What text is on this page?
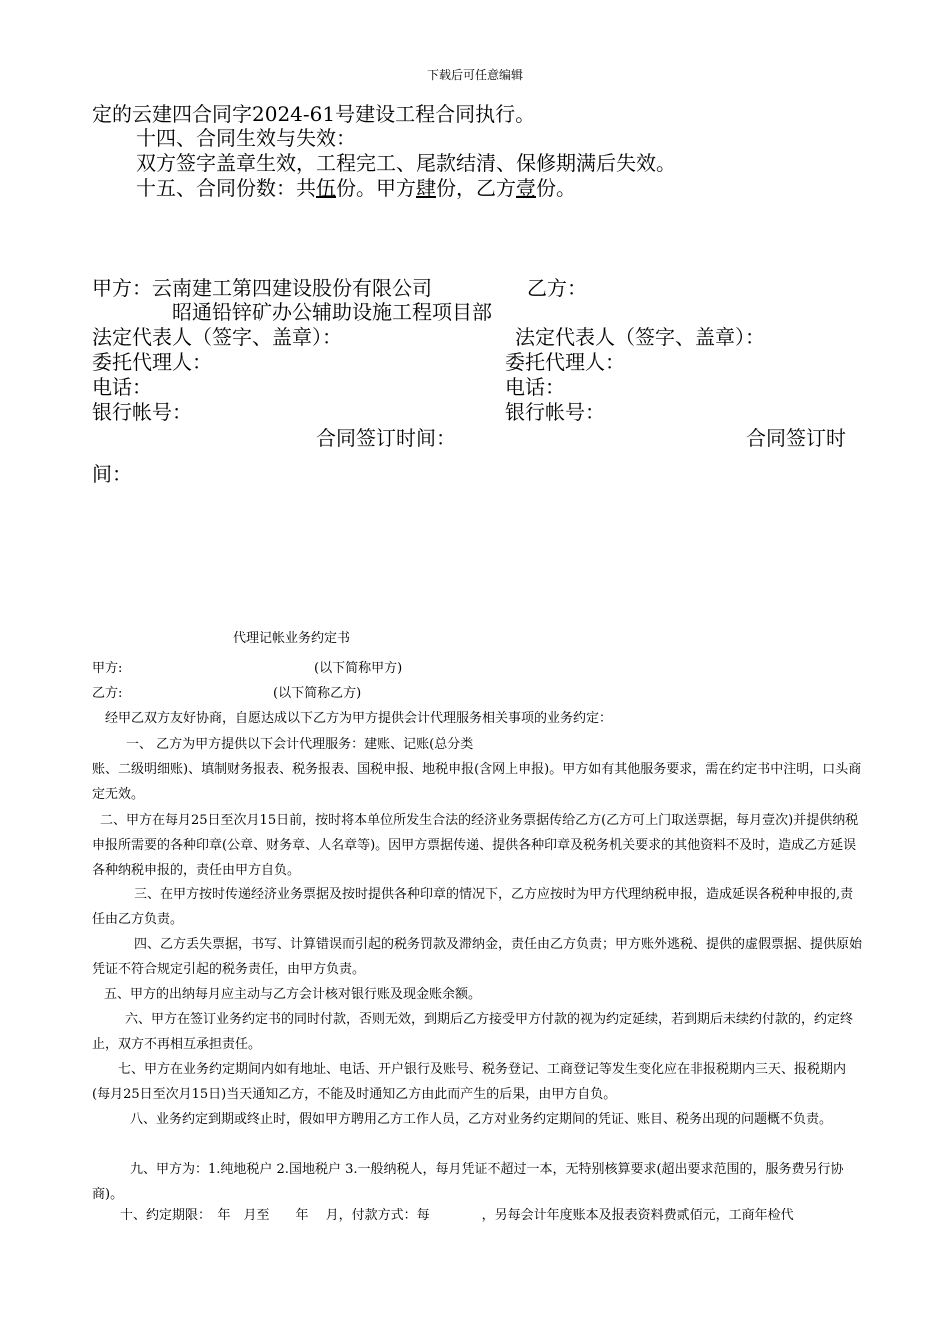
下载后可任意编辑
定的云建四合同字2024-61号建设工程合同执行。
十四、合同生效与失效：
双方签字盖章生效，工程完工、尾款结清、保修期满后失效。
十五、合同份数：共伍份。甲方肆份，乙方壹份。
甲方：云南建工第四建设股份有限公司	乙方：
昭通铅锌矿办公辅助设施工程项目部
法定代表人（签字、盖章）：	法定代表人（签字、盖章）：
委托代理人：	委托代理人：
电话：	电话：
银行帐号：	银行帐号：
合同签订时间：	合同签订时
间：
代理记帐业务约定书
甲方:	(以下简称甲方)
乙方:	(以下简称乙方)
经甲乙双方友好协商，自愿达成以下乙方为甲方提供会计代理服务相关事项的业务约定：
一、 乙方为甲方提供以下会计代理服务：建账、记账(总分类
账、二级明细账)、填制财务报表、税务报表、国税申报、地税申报(含网上申报)。甲方如有其他服务要求，需在约定书中注明，口头商定无效。
二、甲方在每月25日至次月15日前，按时将本单位所发生合法的经济业务票据传给乙方(乙方可上门取送票据，每月壹次)并提供纳税申报所需要的各种印章(公章、财务章、人名章等)。因甲方票据传递、提供各种印章及税务机关要求的其他资料不及时，造成乙方延误各种纳税申报的，责任由甲方自负。
三、在甲方按时传递经济业务票据及按时提供各种印章的情况下，乙方应按时为甲方代理纳税申报，造成延误各税种申报的,责任由乙方负责。
四、乙方丢失票据，书写、计算错误而引起的税务罚款及滞纳金，责任由乙方负责；甲方账外逃税、提供的虚假票据、提供原始凭证不符合规定引起的税务责任，由甲方负责。
五、甲方的出纳每月应主动与乙方会计核对银行账及现金账余额。
六、甲方在签订业务约定书的同时付款，否则无效，到期后乙方接受甲方付款的视为约定延续，若到期后未续约付款的，约定终止，双方不再相互承担责任。
七、甲方在业务约定期间内如有地址、电话、开户银行及账号、税务登记、工商登记等发生变化应在非报税期内三天、报税期内(每月25日至次月15日)当天通知乙方，不能及时通知乙方由此而产生的后果，由甲方自负。
八、业务约定到期或终止时，假如甲方聘用乙方工作人员，乙方对业务约定期间的凭证、账目、税务出现的问题概不负责。
九、甲方为：1.纯地税户 2.国地税户 3.一般纳税人，每月凭证不超过一本，无特别核算要求(超出要求范围的，服务费另行协商)。
十、约定期限：　年　月至　　年　 月，付款方式：每　　　　，另每会计年度账本及报表资料费贰佰元，工商年检代
